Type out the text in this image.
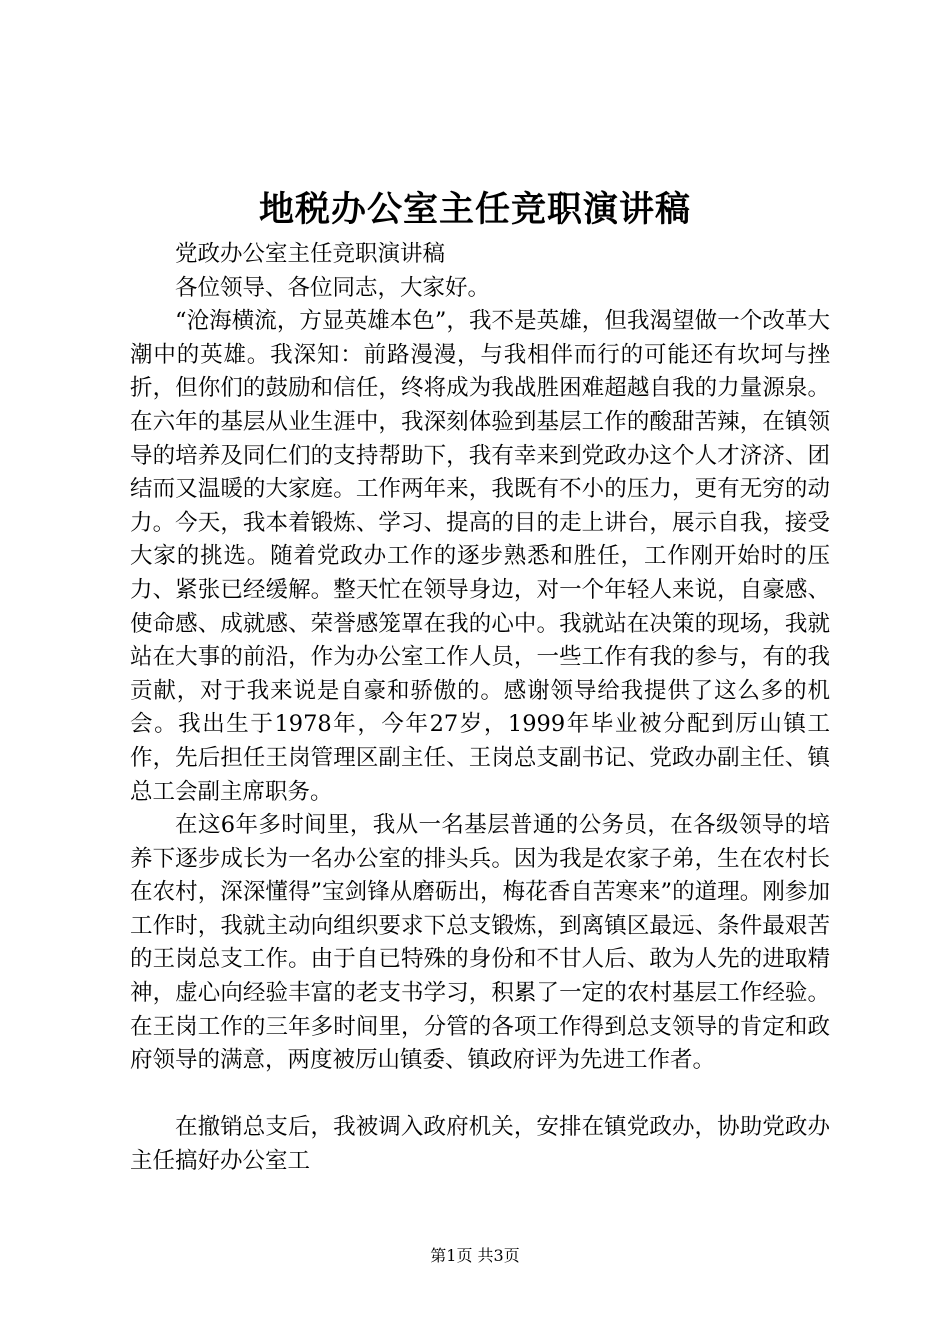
地税办公室主任竞职演讲稿

党政办公室主任竞职演讲稿

各位领导、各位同志，大家好。

“沧海横流，方显英雄本色”，我不是英雄，但我渴望做一个改革大潮中的英雄。我深知：前路漫漫，与我相伴而行的可能还有坎坷与挫折，但你们的鼓励和信任，终将成为我战胜困难超越自我的力量源泉。在六年的基层从业生涯中，我深刻体验到基层工作的酸甜苦辣，在镇领导的培养及同仁们的支持帮助下，我有幸来到党政办这个人才济济、团结而又温暖的大家庭。工作两年来，我既有不小的压力，更有无穷的动力。今天，我本着锻炼、学习、提高的目的走上讲台，展示自我，接受大家的挑选。随着党政办工作的逐步熟悉和胜任，工作刚开始时的压力、紧张已经缓解。整天忙在领导身边，对一个年轻人来说，自豪感、使命感、成就感、荣誉感笼罩在我的心中。我就站在决策的现场，我就站在大事的前沿，作为办公室工作人员，一些工作有我的参与，有的我贡献，对于我来说是自豪和骄傲的。感谢领导给我提供了这么多的机会。我出生于1978年，今年27岁，1999年毕业被分配到厉山镇工作，先后担任王岗管理区副主任、王岗总支副书记、党政办副主任、镇总工会副主席职务。

在这6年多时间里，我从一名基层普通的公务员，在各级领导的培养下逐步成长为一名办公室的排头兵。因为我是农家子弟，生在农村长在农村，深深懂得”宝剑锋从磨砺出，梅花香自苦寒来”的道理。刚参加工作时，我就主动向组织要求下总支锻炼，到离镇区最远、条件最艰苦的王岗总支工作。由于自已特殊的身份和不甘人后、敢为人先的进取精神，虚心向经验丰富的老支书学习，积累了一定的农村基层工作经验。在王岗工作的三年多时间里，分管的各项工作得到总支领导的肯定和政府领导的满意，两度被厉山镇委、镇政府评为先进工作者。

在撤销总支后，我被调入政府机关，安排在镇党政办，协助党政办主任搞好办公室工

第1页 共3页
